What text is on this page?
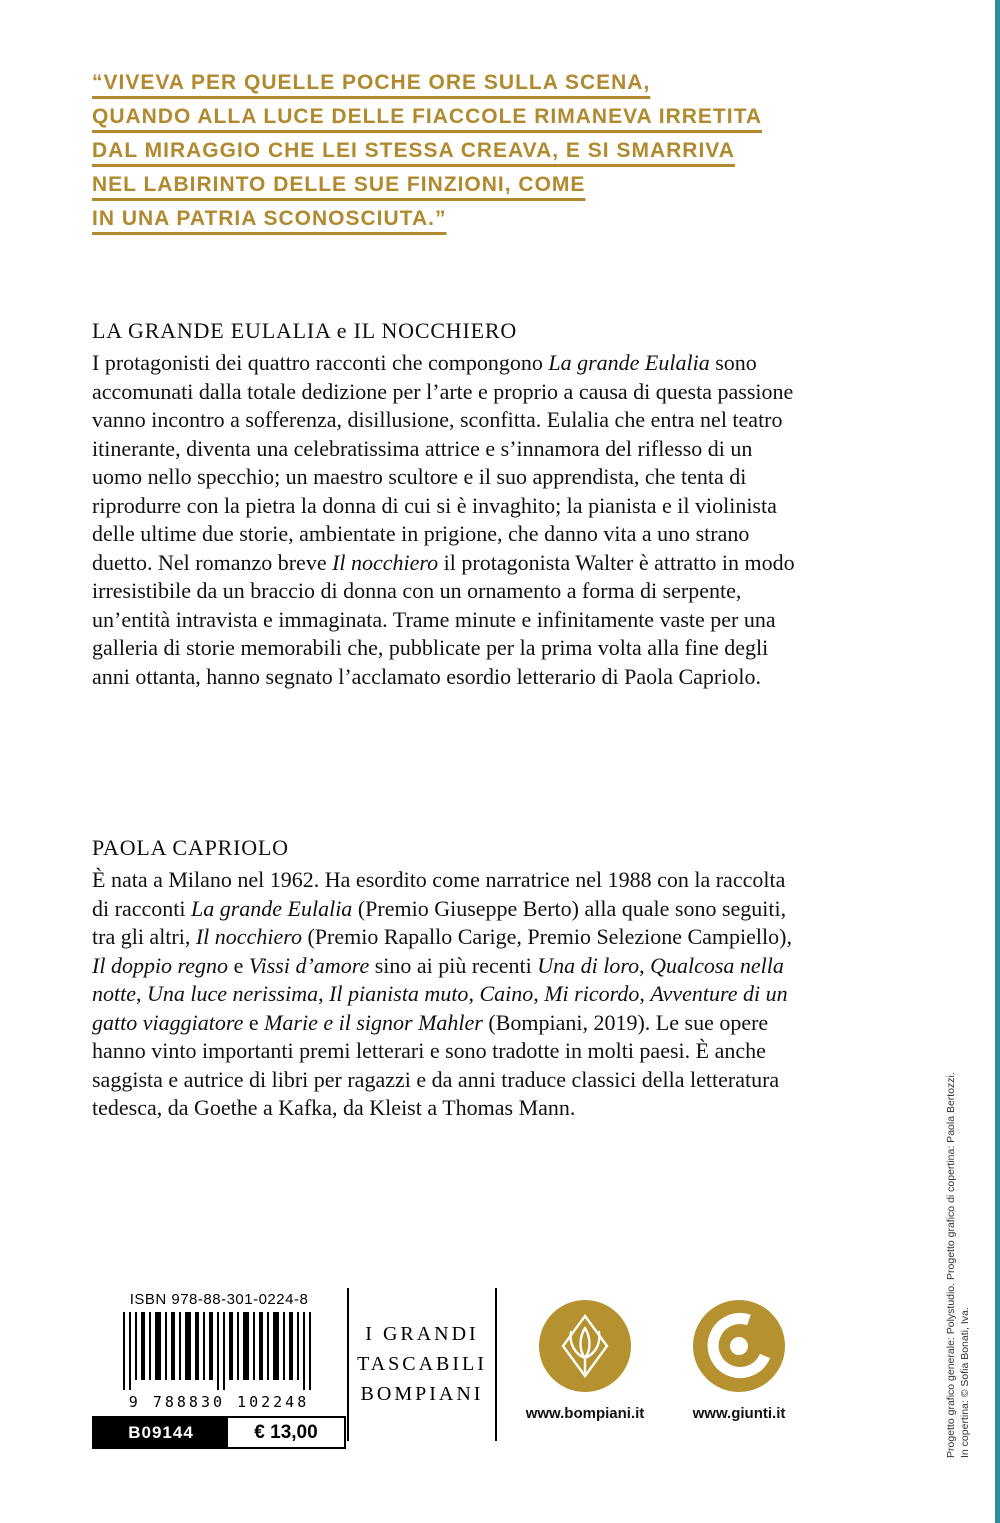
“VIVEVA PER QUELLE POCHE ORE SULLA SCENA,
QUANDO ALLA LUCE DELLE FIACCOLE RIMANEVA IRRETITA
DAL MIRAGGIO CHE LEI STESSA CREAVA, E SI SMARRIVA
NEL LABIRINTO DELLE SUE FINZIONI, COME
IN UNA PATRIA SCONOSCIUTA.”
LA GRANDE EULALIA e IL NOCCHIERO

I protagonisti dei quattro racconti che compongono La grande Eulalia sono accomunati dalla totale dedizione per l’arte e proprio a causa di questa passione vanno incontro a sofferenza, disillusione, sconfitta. Eulalia che entra nel teatro itinerante, diventa una celebratissima attrice e s’innamora del riflesso di un uomo nello specchio; un maestro scultore e il suo apprendista, che tenta di riprodurre con la pietra la donna di cui si è invaghito; la pianista e il violinista delle ultime due storie, ambientate in prigione, che danno vita a uno strano duetto. Nel romanzo breve Il nocchiero il protagonista Walter è attratto in modo irresistibile da un braccio di donna con un ornamento a forma di serpente, un’entità intravista e immaginata. Trame minute e infinitamente vaste per una galleria di storie memorabili che, pubblicate per la prima volta alla fine degli anni ottanta, hanno segnato l’acclamato esordio letterario di Paola Capriolo.

PAOLA CAPRIOLO

È nata a Milano nel 1962. Ha esordito come narratrice nel 1988 con la raccolta di racconti La grande Eulalia (Premio Giuseppe Berto) alla quale sono seguiti, tra gli altri, Il nocchiero (Premio Rapallo Carige, Premio Selezione Campiello), Il doppio regno e Vissi d’amore sino ai più recenti Una di loro, Qualcosa nella notte, Una luce nerissima, Il pianista muto, Caino, Mi ricordo, Avventure di un gatto viaggiatore e Marie e il signor Mahler (Bompiani, 2019). Le sue opere hanno vinto importanti premi letterari e sono tradotte in molti paesi. È anche saggista e autrice di libri per ragazzi e da anni traduce classici della letteratura tedesca, da Goethe a Kafka, da Kleist a Thomas Mann.

ISBN 978-88-301-0224-8
9 788830 102248
B09144	€ 13,00
I GRANDI
TASCABILI
BOMPIANI
www.bompiani.it	www.giunti.it	Progetto grafico generale: Polystudio. Progetto grafico di copertina: Paola Bertozzi. In copertina: © Sofia Bonati, Iva.
